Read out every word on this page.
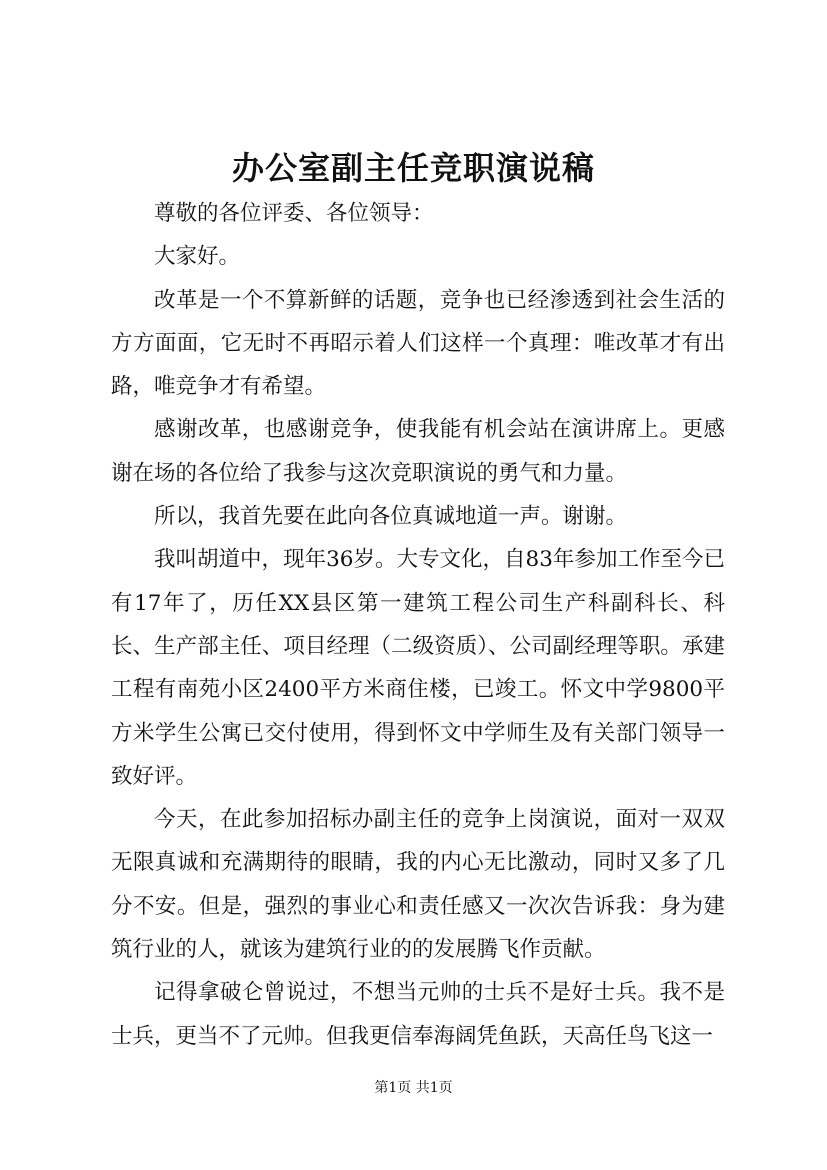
办公室副主任竞职演说稿

尊敬的各位评委、各位领导：

大家好。

改革是一个不算新鲜的话题，竞争也已经渗透到社会生活的方方面面，它无时不再昭示着人们这样一个真理：唯改革才有出路，唯竞争才有希望。

感谢改革，也感谢竞争，使我能有机会站在演讲席上。更感谢在场的各位给了我参与这次竞职演说的勇气和力量。

所以，我首先要在此向各位真诚地道一声。谢谢。

我叫胡道中，现年36岁。大专文化，自83年参加工作至今已有17年了，历任XX县区第一建筑工程公司生产科副科长、科长、生产部主任、项目经理（二级资质）、公司副经理等职。承建工程有南苑小区2400平方米商住楼，已竣工。怀文中学9800平方米学生公寓已交付使用，得到怀文中学师生及有关部门领导一致好评。

今天，在此参加招标办副主任的竞争上岗演说，面对一双双无限真诚和充满期待的眼睛，我的内心无比激动，同时又多了几分不安。但是，强烈的事业心和责任感又一次次告诉我：身为建筑行业的人，就该为建筑行业的的发展腾飞作贡献。

记得拿破仑曾说过，不想当元帅的士兵不是好士兵。我不是士兵，更当不了元帅。但我更信奉海阔凭鱼跃，天高任鸟飞这一

第1页 共1页
